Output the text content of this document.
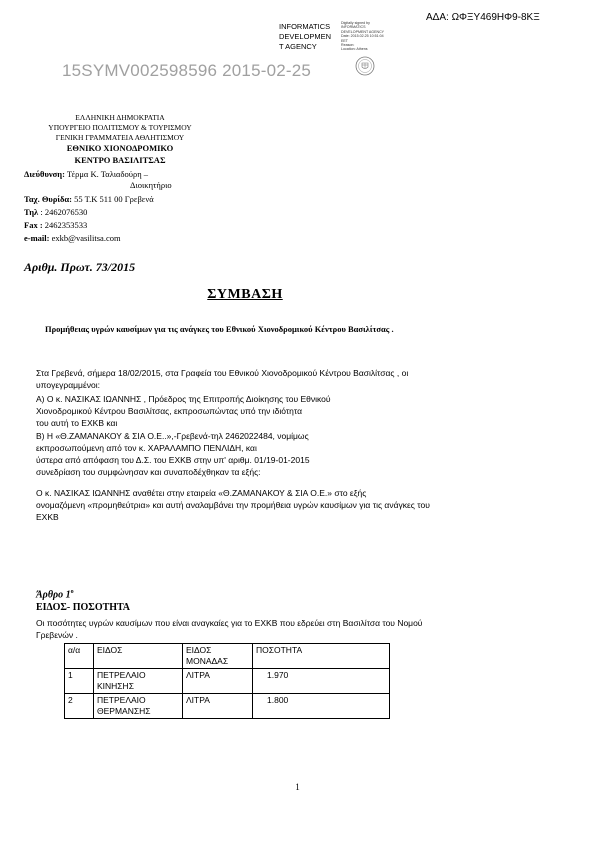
ΑΔΑ: ΩΦΞΥ469ΗΦ9-8ΚΞ
INFORMATICS
DEVELOPMEN
T AGENCY
Digitally signed by
INFORMATICS
DEVELOPMENT AGENCY
Date: 2015.02.25 10:51:04
EET
Reason:
Location: Athens
15SYMV002598596 2015-02-25
ΕΛΛΗΝΙΚΗ ΔΗΜΟΚΡΑΤΙΑ
ΥΠΟΥΡΓΕΙΟ ΠΟΛΙΤΙΣΜΟΥ & ΤΟΥΡΙΣΜΟΥ
ΓΕΝΙΚΗ ΓΡΑΜΜΑΤΕΙΑ ΑΘΛΗΤΙΣΜΟΥ
ΕΘΝΙΚΟ ΧΙΟΝΟΔΡΟΜΙΚΟ
ΚΕΝΤΡΟ ΒΑΣΙΛΙΤΣΑΣ
Διεύθυνση: Τέρμα Κ. Ταλιαδούρη –
Διοικητήριο
Ταχ. Θυρίδα: 55 Τ.Κ 511 00 Γρεβενά
Τηλ : 2462076530
Fax : 2462353533
e-mail: exkb@vasilitsa.com
Αριθμ. Πρωτ. 73/2015
ΣΥΜΒΑΣΗ
Προμήθειας υγρών καυσίμων για τις ανάγκες του Εθνικού Χιονοδρομικού Κέντρου Βασιλίτσας .
Στα Γρεβενά, σήμερα 18/02/2015, στα Γραφεία του Εθνικού Χιονοδρομικού Κέντρου Βασιλίτσας , οι
υπογεγραμμένοι:
Α) Ο κ. ΝΑΣΙΚΑΣ ΙΩΑΝΝΗΣ , Πρόεδρος της Επιτροπής Διοίκησης του Εθνικού
Χιονοδρομικού Κέντρου Βασιλίτσας, εκπροσωπώντας υπό την ιδιότητα
του αυτή το ΕΧΚΒ και
Β) Η «Θ.ΖΑΜΑΝΑΚΟΥ & ΣΙΑ Ο.Ε..»,-Γρεβενά-τηλ 2462022484, νομίμως
εκπροσωπούμενη από τον κ. ΧΑΡΑΛΑΜΠΟ ΠΕΝΛΙΔΗ, και
ύστερα από απόφαση του Δ.Σ. του ΕΧΚΒ στην υπ' αριθμ. 01/19-01-2015
συνεδρίαση του συμφώνησαν και συναποδέχθηκαν τα εξής:
Ο κ. ΝΑΣΙΚΑΣ ΙΩΑΝΝΗΣ αναθέτει στην εταιρεία «Θ.ΖΑΜΑΝΑΚΟΥ & ΣΙΑ Ο.Ε.» στο εξής
ονομαζόμενη «προμηθεύτρια» και αυτή αναλαμβάνει την προμήθεια υγρών καυσίμων για τις ανάγκες του
ΕΧΚΒ
Άρθρο $1^o$
ΕΙΔΟΣ- ΠΟΣΟΤΗΤΑ
Οι ποσότητες υγρών καυσίμων που είναι αναγκαίες για το ΕΧΚΒ που εδρεύει στη Βασιλίτσα του Νομού
Γρεβενών .
α/α	ΕΙΔΟΣ	ΕΙΔΟΣ ΜΟΝΑΔΑΣ	ΠΟΣΟΤΗΤΑ
1	ΠΕΤΡΕΛΑΙΟ ΚΙΝΗΣΗΣ	ΛΙΤΡΑ	1.970
2	ΠΕΤΡΕΛΑΙΟ ΘΕΡΜΑΝΣΗΣ	ΛΙΤΡΑ	1.800
1
